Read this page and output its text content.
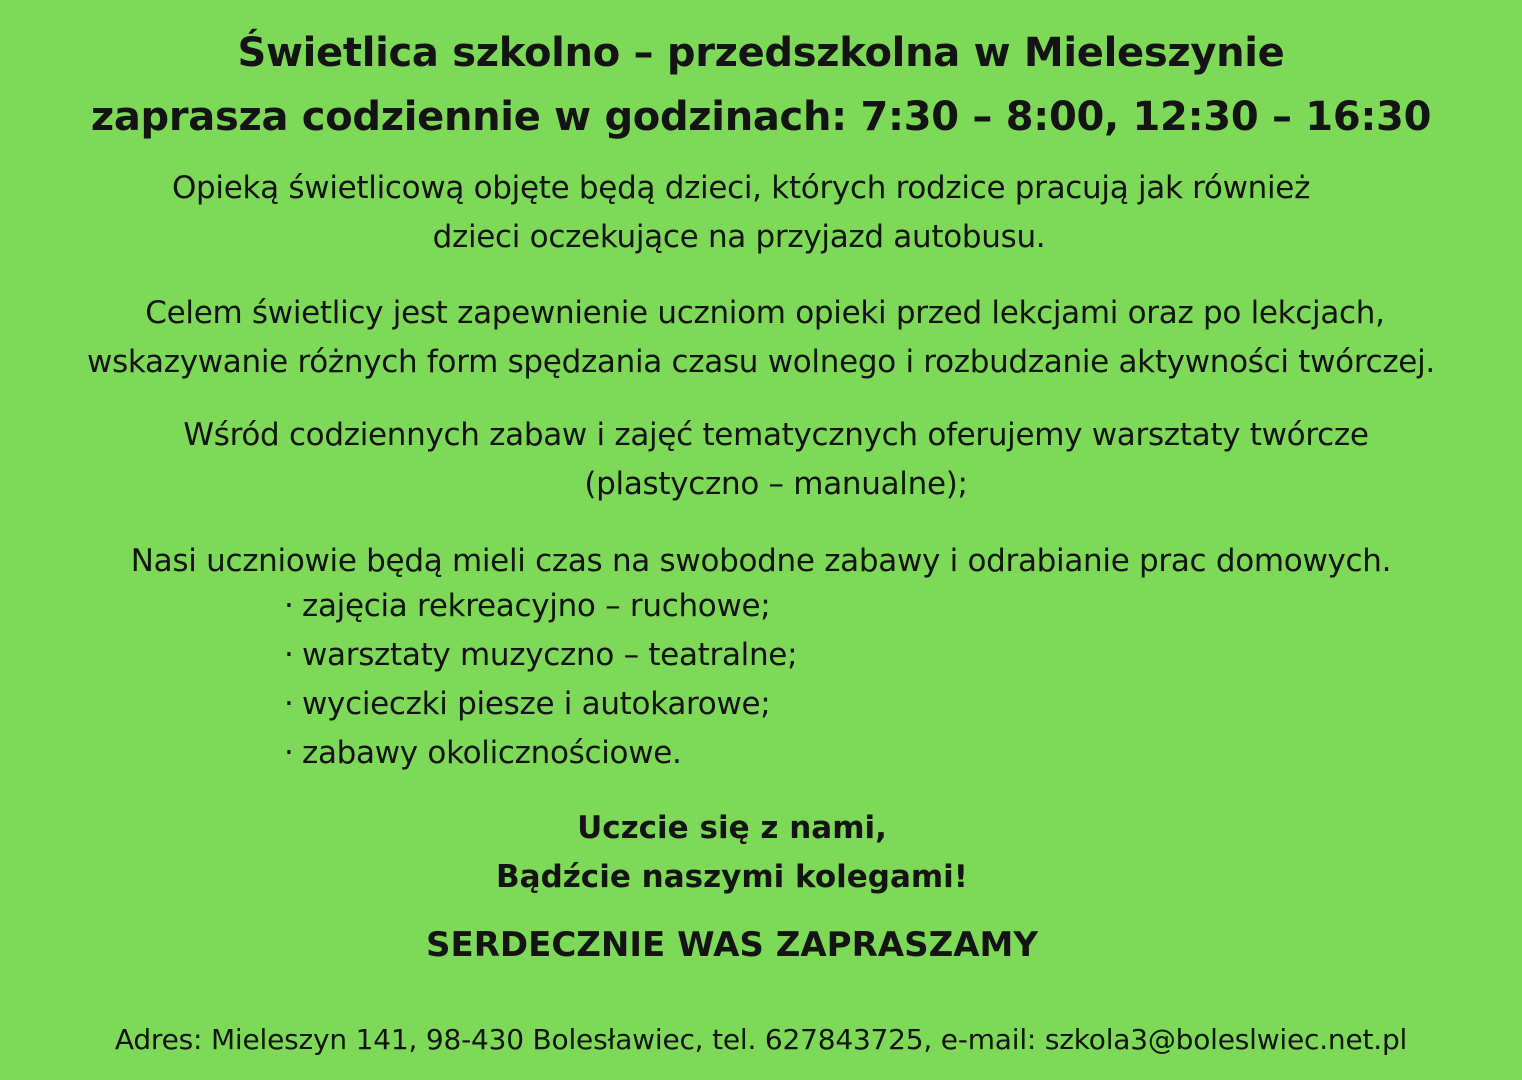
Świetlica szkolno – przedszkolna w Mieleszynie
zaprasza codziennie w godzinach: 7:30 – 8:00, 12:30 – 16:30

Opieką świetlicową objęte będą dzieci, których rodzice pracują jak również

dzieci oczekujące na przyjazd autobusu.

Celem świetlicy jest zapewnienie uczniom opieki przed lekcjami oraz po lekcjach,

wskazywanie różnych form spędzania czasu wolnego i rozbudzanie aktywności twórczej.

Wśród codziennych zabaw i zajęć tematycznych oferujemy warsztaty twórcze

(plastyczno – manualne);

Nasi uczniowie będą mieli czas na swobodne zabawy i odrabianie prac domowych.

· zajęcia rekreacyjno – ruchowe;
· warsztaty muzyczno – teatralne;
· wycieczki piesze i autokarowe;
· zabawy okolicznościowe.

Uczcie się z nami,

Bądźcie naszymi kolegami!

SERDECZNIE WAS ZAPRASZAMY

Adres: Mieleszyn 141, 98-430 Bolesławiec, tel. 627843725, e-mail: szkola3@boleslwiec.net.pl
